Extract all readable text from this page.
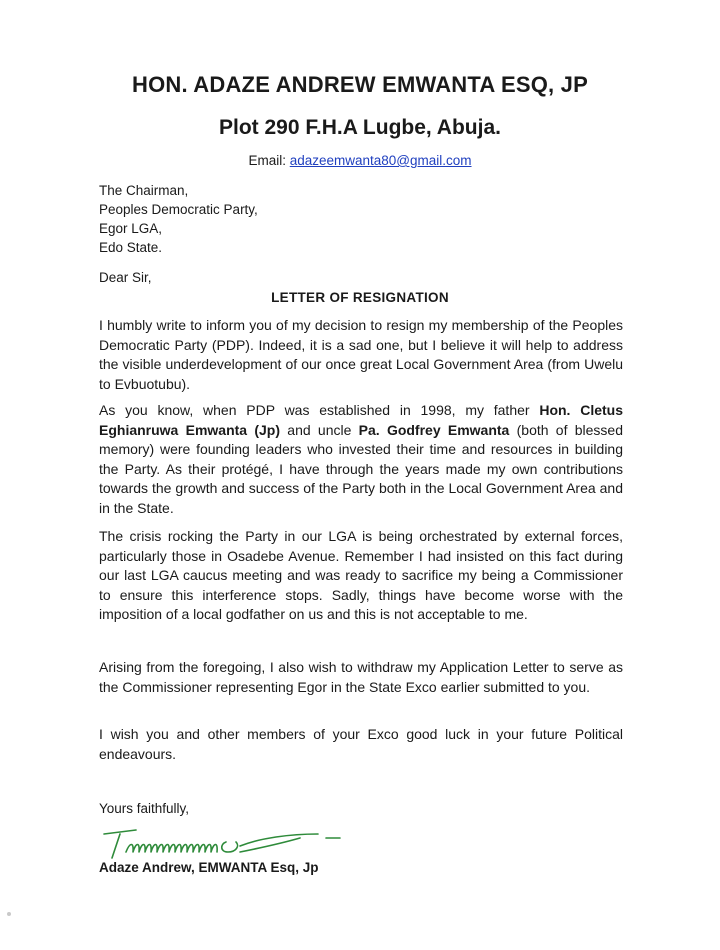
HON. ADAZE ANDREW EMWANTA ESQ, JP
Plot 290 F.H.A Lugbe, Abuja.
Email: adazeemwanta80@gmail.com
The Chairman,
Peoples Democratic Party,
Egor LGA,
Edo State.
Dear Sir,
LETTER OF RESIGNATION
I humbly write to inform you of my decision to resign my membership of the Peoples Democratic Party (PDP). Indeed, it is a sad one, but I believe it will help to address the visible underdevelopment of our once great Local Government Area (from Uwelu to Evbuotubu).
As you know, when PDP was established in 1998, my father Hon. Cletus Eghianruwa Emwanta (Jp) and uncle Pa. Godfrey Emwanta (both of blessed memory) were founding leaders who invested their time and resources in building the Party. As their protégé, I have through the years made my own contributions towards the growth and success of the Party both in the Local Government Area and in the State.
The crisis rocking the Party in our LGA is being orchestrated by external forces, particularly those in Osadebe Avenue. Remember I had insisted on this fact during our last LGA caucus meeting and was ready to sacrifice my being a Commissioner to ensure this interference stops. Sadly, things have become worse with the imposition of a local godfather on us and this is not acceptable to me.
Arising from the foregoing, I also wish to withdraw my Application Letter to serve as the Commissioner representing Egor in the State Exco earlier submitted to you.
I wish you and other members of your Exco good luck in your future Political endeavours.
Yours faithfully,
Adaze Andrew, EMWANTA Esq, Jp
